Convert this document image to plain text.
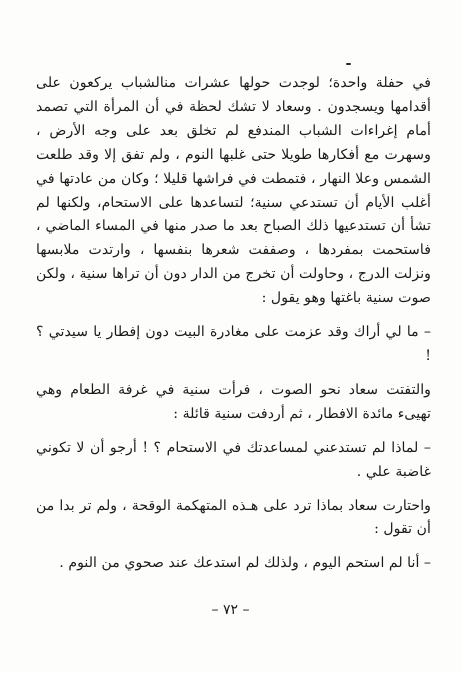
في حفلة واحدة؛ لوجدت حولها عشرات منالشباب يركعون على أقدامها ويسجدون . وسعاد لا تشك لحظة في أن المرأة التي تصمد أمام إغراءات الشباب المندفع لم تخلق بعد على وجه الأرض ، وسهرت مع أفكارها طويلا حتى غلبها النوم ، ولم تفق إلا وقد طلعت الشمس وعلا النهار ، فتمطت في فراشها قليلا ؛ وكان من عادتها في أغلب الأيام أن تستدعي سنية؛ لتساعدها على الاستحام، ولكنها لم تشأ أن تستدعيها ذلك الصباح بعد ما صدر منها في المساء الماضي ، فاستحمت بمفردها ، وصففت شعرها بنفسها ، وارتدت ملابسها ونزلت الدرج ، وحاولت أن تخرج من الدار دون أن تراها سنية ، ولكن صوت سنية باغتها وهو يقول :

– ما لي أراك وقد عزمت على مغادرة البيت دون إفطار يا سيدتي ؟ !

والتفتت سعاد نحو الصوت ، فرأت سنية في غرفة الطعام وهي تهيىء مائدة الافطار ، ثم أردفت سنية قائلة :

– لماذا لم تستدعني لمساعدتك في الاستحام ؟ ! أرجو أن لا تكوني غاضبة علي .

واحتارت سعاد بماذا ترد على هـذه المتهكمة الوقحة ، ولم تر بدا من أن تقول :

– أنا لم استحم اليوم ، ولذلك لم استدعك عند صحوي من النوم .

– ٧٢ –
